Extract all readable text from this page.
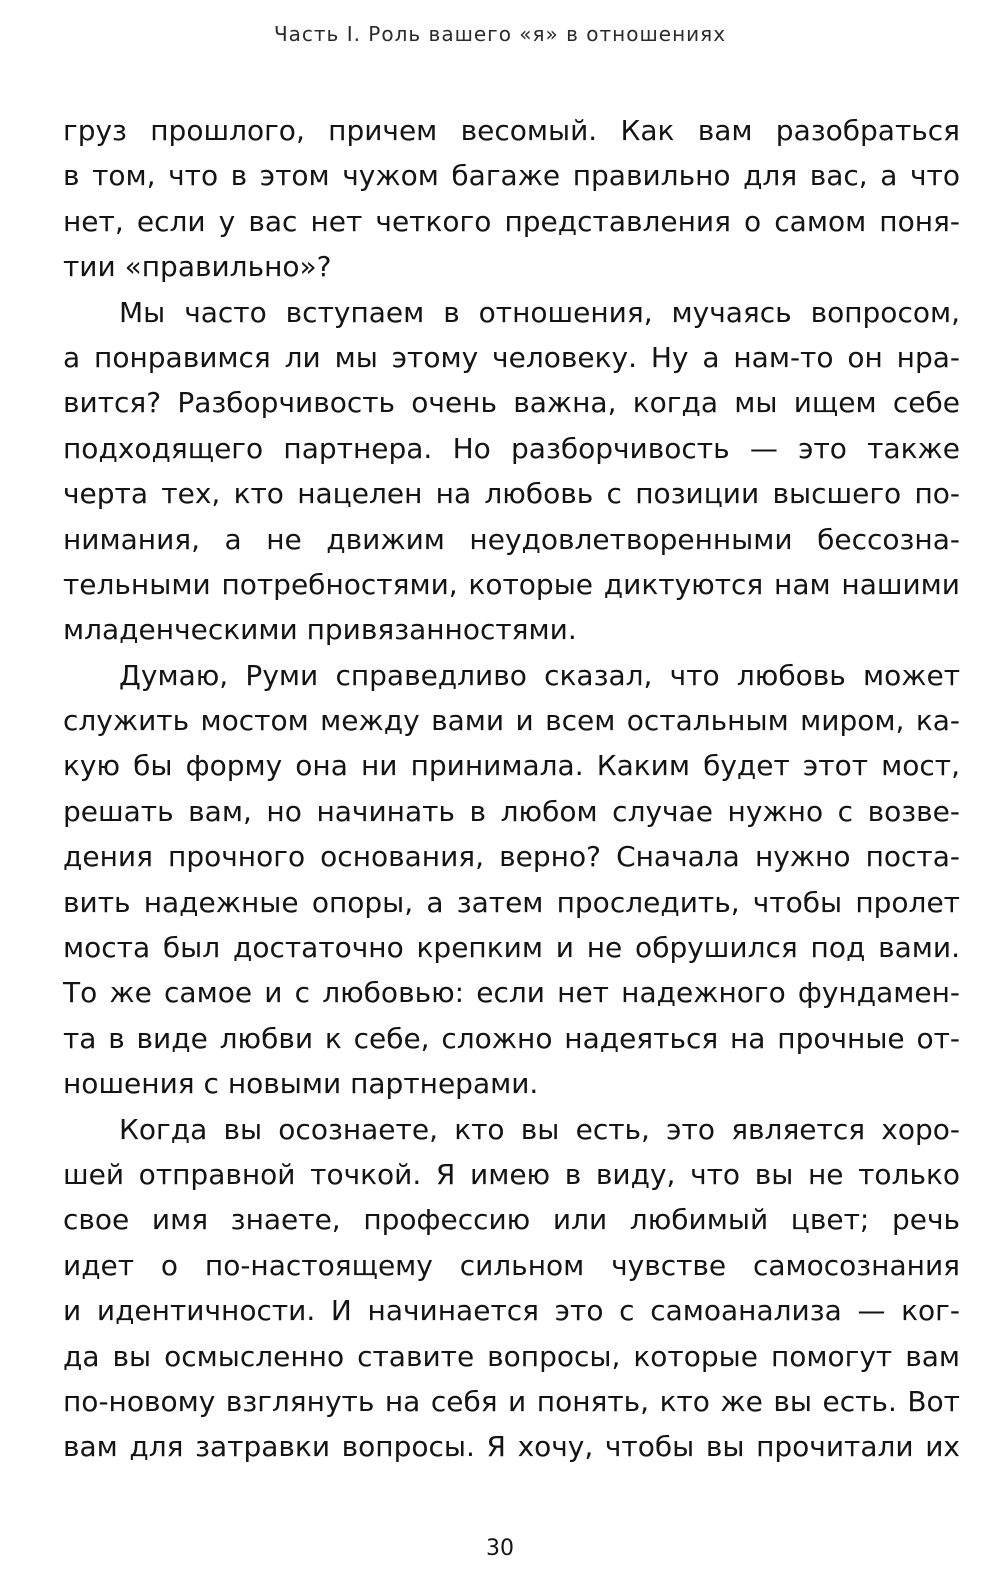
Часть I. Роль вашего «я» в отношениях
груз прошлого, причем весомый. Как вам разобраться
в том, что в этом чужом багаже правильно для вас, а что
нет, если у вас нет четкого представления о самом поня-
тии «правильно»?
Мы часто вступаем в отношения, мучаясь вопросом,
а понравимся ли мы этому человеку. Ну а нам-то он нра-
вится? Разборчивость очень важна, когда мы ищем себе
подходящего партнера. Но разборчивость — это также
черта тех, кто нацелен на любовь с позиции высшего по-
нимания, а не движим неудовлетворенными бессозна-
тельными потребностями, которые диктуются нам нашими
младенческими привязанностями.
Думаю, Руми справедливо сказал, что любовь может
служить мостом между вами и всем остальным миром, ка-
кую бы форму она ни принимала. Каким будет этот мост,
решать вам, но начинать в любом случае нужно с возве-
дения прочного основания, верно? Сначала нужно поста-
вить надежные опоры, а затем проследить, чтобы пролет
моста был достаточно крепким и не обрушился под вами.
То же самое и с любовью: если нет надежного фундамен-
та в виде любви к себе, сложно надеяться на прочные от-
ношения с новыми партнерами.
Когда вы осознаете, кто вы есть, это является хоро-
шей отправной точкой. Я имею в виду, что вы не только
свое имя знаете, профессию или любимый цвет; речь
идет о по-настоящему сильном чувстве самосознания
и идентичности. И начинается это с самоанализа — ког-
да вы осмысленно ставите вопросы, которые помогут вам
по-новому взглянуть на себя и понять, кто же вы есть. Вот
вам для затравки вопросы. Я хочу, чтобы вы прочитали их
30
